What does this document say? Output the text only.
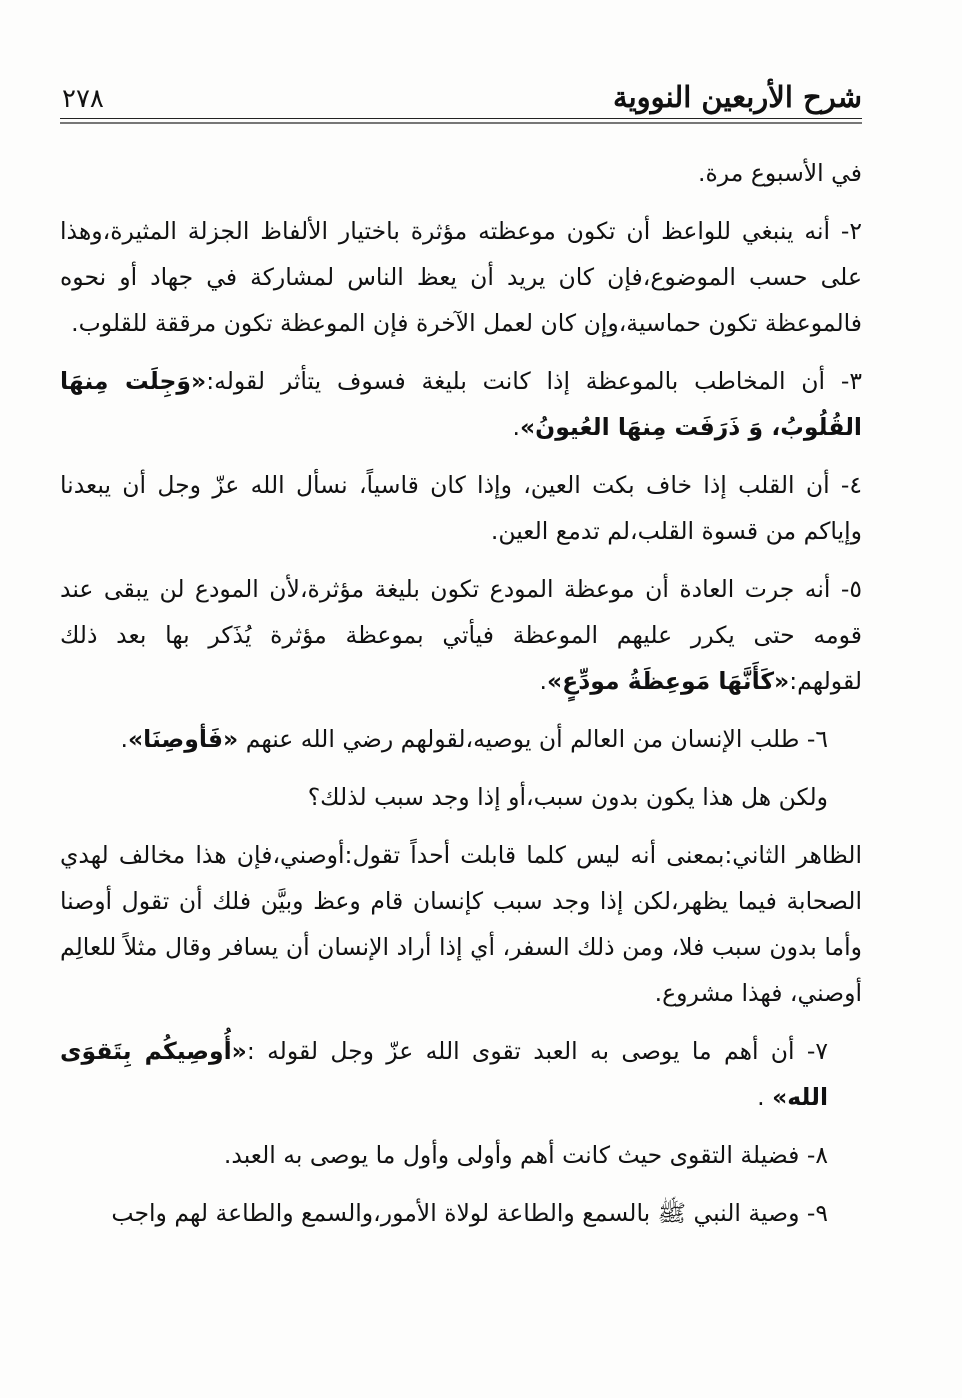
٢٧٨	شرح الأربعين النووية

في الأسبوع مرة.

٢- أنه ينبغي للواعظ أن تكون موعظته مؤثرة باختيار الألفاظ الجزلة المثيرة،وهذا على حسب الموضوع،فإن كان يريد أن يعظ الناس لمشاركة في جهاد أو نحوه فالموعظة تكون حماسية،وإن كان لعمل الآخرة فإن الموعظة تكون مرققة للقلوب.

٣- أن المخاطب بالموعظة إذا كانت بليغة فسوف يتأثر لقوله:«وَجِلَت مِنهَا القُلُوبُ، وَ ذَرَفَت مِنهَا العُيونُ».

٤- أن القلب إذا خاف بكت العين، وإذا كان قاسياً، نسأل الله عزّ وجل أن يبعدنا وإياكم من قسوة القلب،لم تدمع العين.

٥- أنه جرت العادة أن موعظة المودع تكون بليغة مؤثرة،لأن المودع لن يبقى عند قومه حتى يكرر عليهم الموعظة فيأتي بموعظة مؤثرة يُذَكر بها بعد ذلك لقولهم:«كَأَنَّهَا مَوعِظَةُ مودِّعٍ».

٦- طلب الإنسان من العالم أن يوصيه،لقولهم رضي الله عنهم «فَأوصِنَا».

ولكن هل هذا يكون بدون سبب،أو إذا وجد سبب لذلك؟

الظاهر الثاني:بمعنى أنه ليس كلما قابلت أحداً تقول:أوصني،فإن هذا مخالف لهدي الصحابة فيما يظهر،لكن إذا وجد سبب كإنسان قام وعظ وبيَّن فلك أن تقول أوصنا وأما بدون سبب فلا، ومن ذلك السفر، أي إذا أراد الإنسان أن يسافر وقال مثلاً للعالِم أوصني، فهذا مشروع.

٧- أن أهم ما يوصى به العبد تقوى الله عزّ وجل لقوله :«أُوصِيكُم بِتَقوَى الله» .

٨- فضيلة التقوى حيث كانت أهم وأولى وأول ما يوصى به العبد.

٩- وصية النبي ﷺ بالسمع والطاعة لولاة الأمور،والسمع والطاعة لهم واجب
